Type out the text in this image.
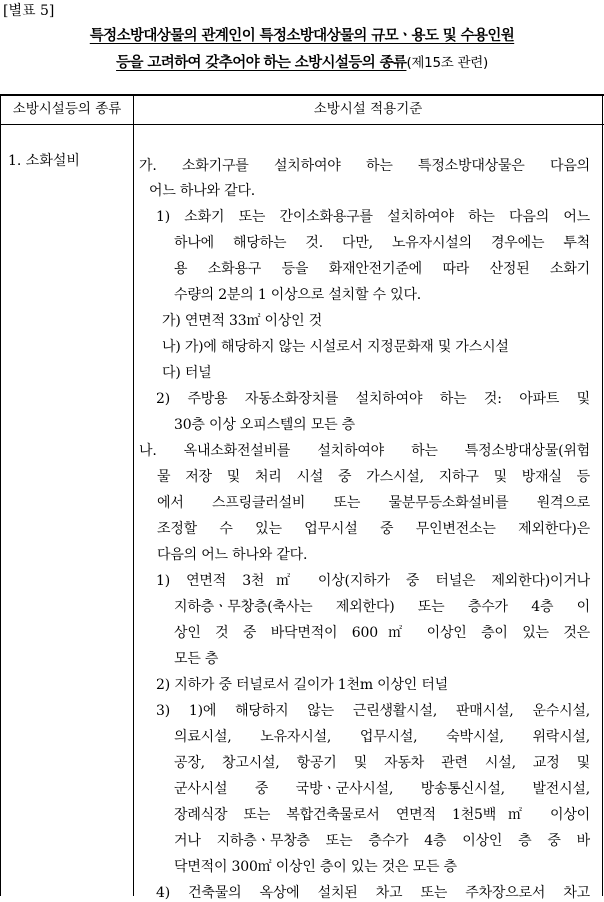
[별표 5]
특정소방대상물의 관계인이 특정소방대상물의 규모ㆍ용도 및 수용인원
등을 고려하여 갖추어야 하는 소방시설등의 종류(제15조 관련)
소방시설등의 종류	소방시설 적용기준
1. 소화설비	가. 소화기구를 설치하여야 하는 특정소방대상물은 다음의
어느 하나와 같다.
1) 소화기 또는 간이소화용구를 설치하여야 하는 다음의 어느
하나에 해당하는 것. 다만, 노유자시설의 경우에는 투척
용 소화용구 등을 화재안전기준에 따라 산정된 소화기
수량의 2분의 1 이상으로 설치할 수 있다.
가) 연면적 33㎡ 이상인 것
나) 가)에 해당하지 않는 시설로서 지정문화재 및 가스시설
다) 터널
2) 주방용 자동소화장치를 설치하여야 하는 것: 아파트 및
30층 이상 오피스텔의 모든 층
나. 옥내소화전설비를 설치하여야 하는 특정소방대상물(위험
물 저장 및 처리 시설 중 가스시설, 지하구 및 방재실 등
에서 스프링클러설비 또는 물분무등소화설비를 원격으로
조정할 수 있는 업무시설 중 무인변전소는 제외한다)은
다음의 어느 하나와 같다.
1) 연면적 3천㎡ 이상(지하가 중 터널은 제외한다)이거나
지하층ㆍ무창층(축사는 제외한다) 또는 층수가 4층 이
상인 것 중 바닥면적이 600㎡ 이상인 층이 있는 것은
모든 층
2) 지하가 중 터널로서 길이가 1천m 이상인 터널
3) 1)에 해당하지 않는 근린생활시설, 판매시설, 운수시설,
의료시설, 노유자시설, 업무시설, 숙박시설, 위락시설,
공장, 창고시설, 항공기 및 자동차 관련 시설, 교정 및
군사시설 중 국방ㆍ군사시설, 방송통신시설, 발전시설,
장례식장 또는 복합건축물로서 연면적 1천5백㎡ 이상이
거나 지하층ㆍ무창층 또는 층수가 4층 이상인 층 중 바
닥면적이 300㎡ 이상인 층이 있는 것은 모든 층
4) 건축물의 옥상에 설치된 차고 또는 주차장으로서 차고
